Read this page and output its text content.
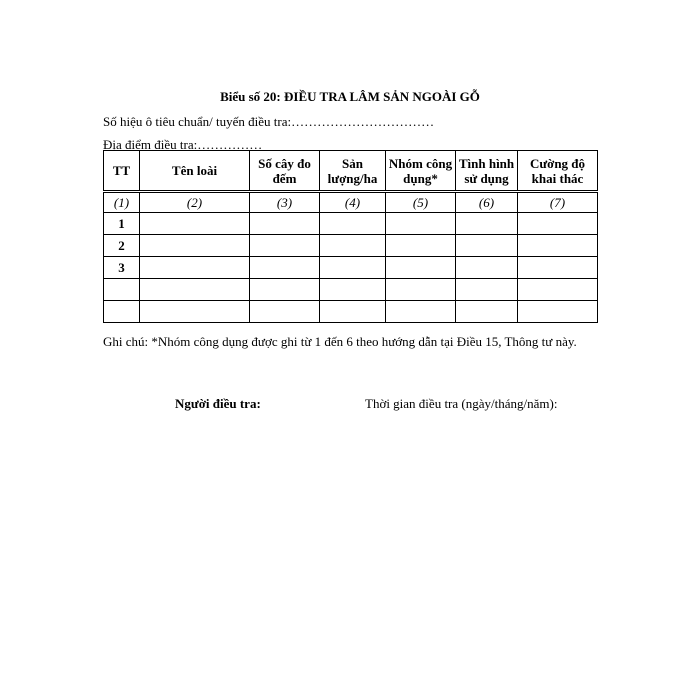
Biểu số 20: ĐIỀU TRA LÂM SẢN NGOÀI GỖ
Số hiệu ô tiêu chuẩn/ tuyến điều tra:……………………………
Địa điểm điều tra:……………
TT	Tên loài	Số cây đo đếm	Sản lượng/ha	Nhóm công dụng*	Tình hình sử dụng	Cường độ khai thác
(1)	(2)	(3)	(4)	(5)	(6)	(7)
1						
2						
3						

Ghi chú: *Nhóm công dụng được ghi từ 1 đến 6 theo hướng dẫn tại Điều 15, Thông tư này.
Người điều tra:	Thời gian điều tra (ngày/tháng/năm):
